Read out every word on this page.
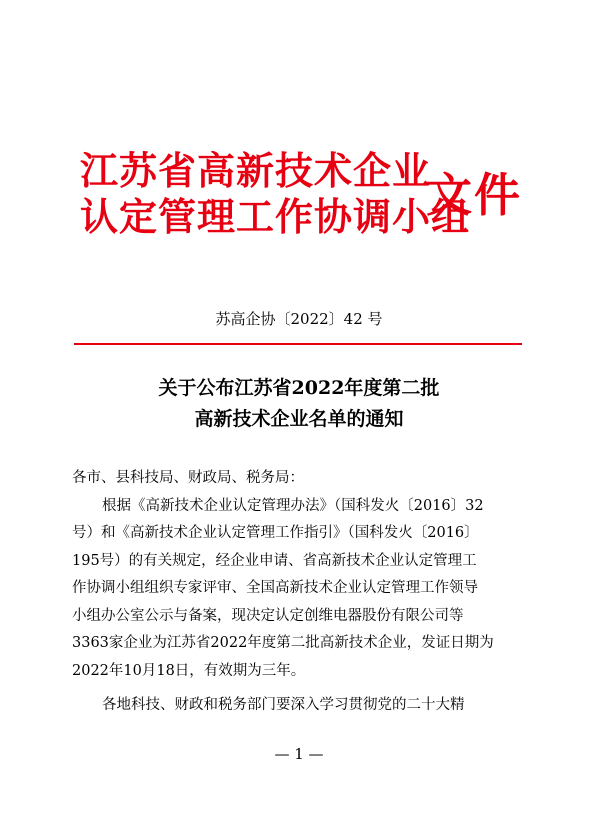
江苏省高新技术企业
认定管理工作协调小组
文件
苏高企协〔2022〕42 号
关于公布江苏省2022年度第二批
高新技术企业名单的通知
各市、县科技局、财政局、税务局：
根据《高新技术企业认定管理办法》（国科发火〔2016〕32
号）和《高新技术企业认定管理工作指引》（国科发火〔2016〕
195号）的有关规定，经企业申请、省高新技术企业认定管理工
作协调小组组织专家评审、全国高新技术企业认定管理工作领导
小组办公室公示与备案，现决定认定创维电器股份有限公司等
3363家企业为江苏省2022年度第二批高新技术企业，发证日期为
2022年10月18日，有效期为三年。
各地科技、财政和税务部门要深入学习贯彻党的二十大精
— 1 —
